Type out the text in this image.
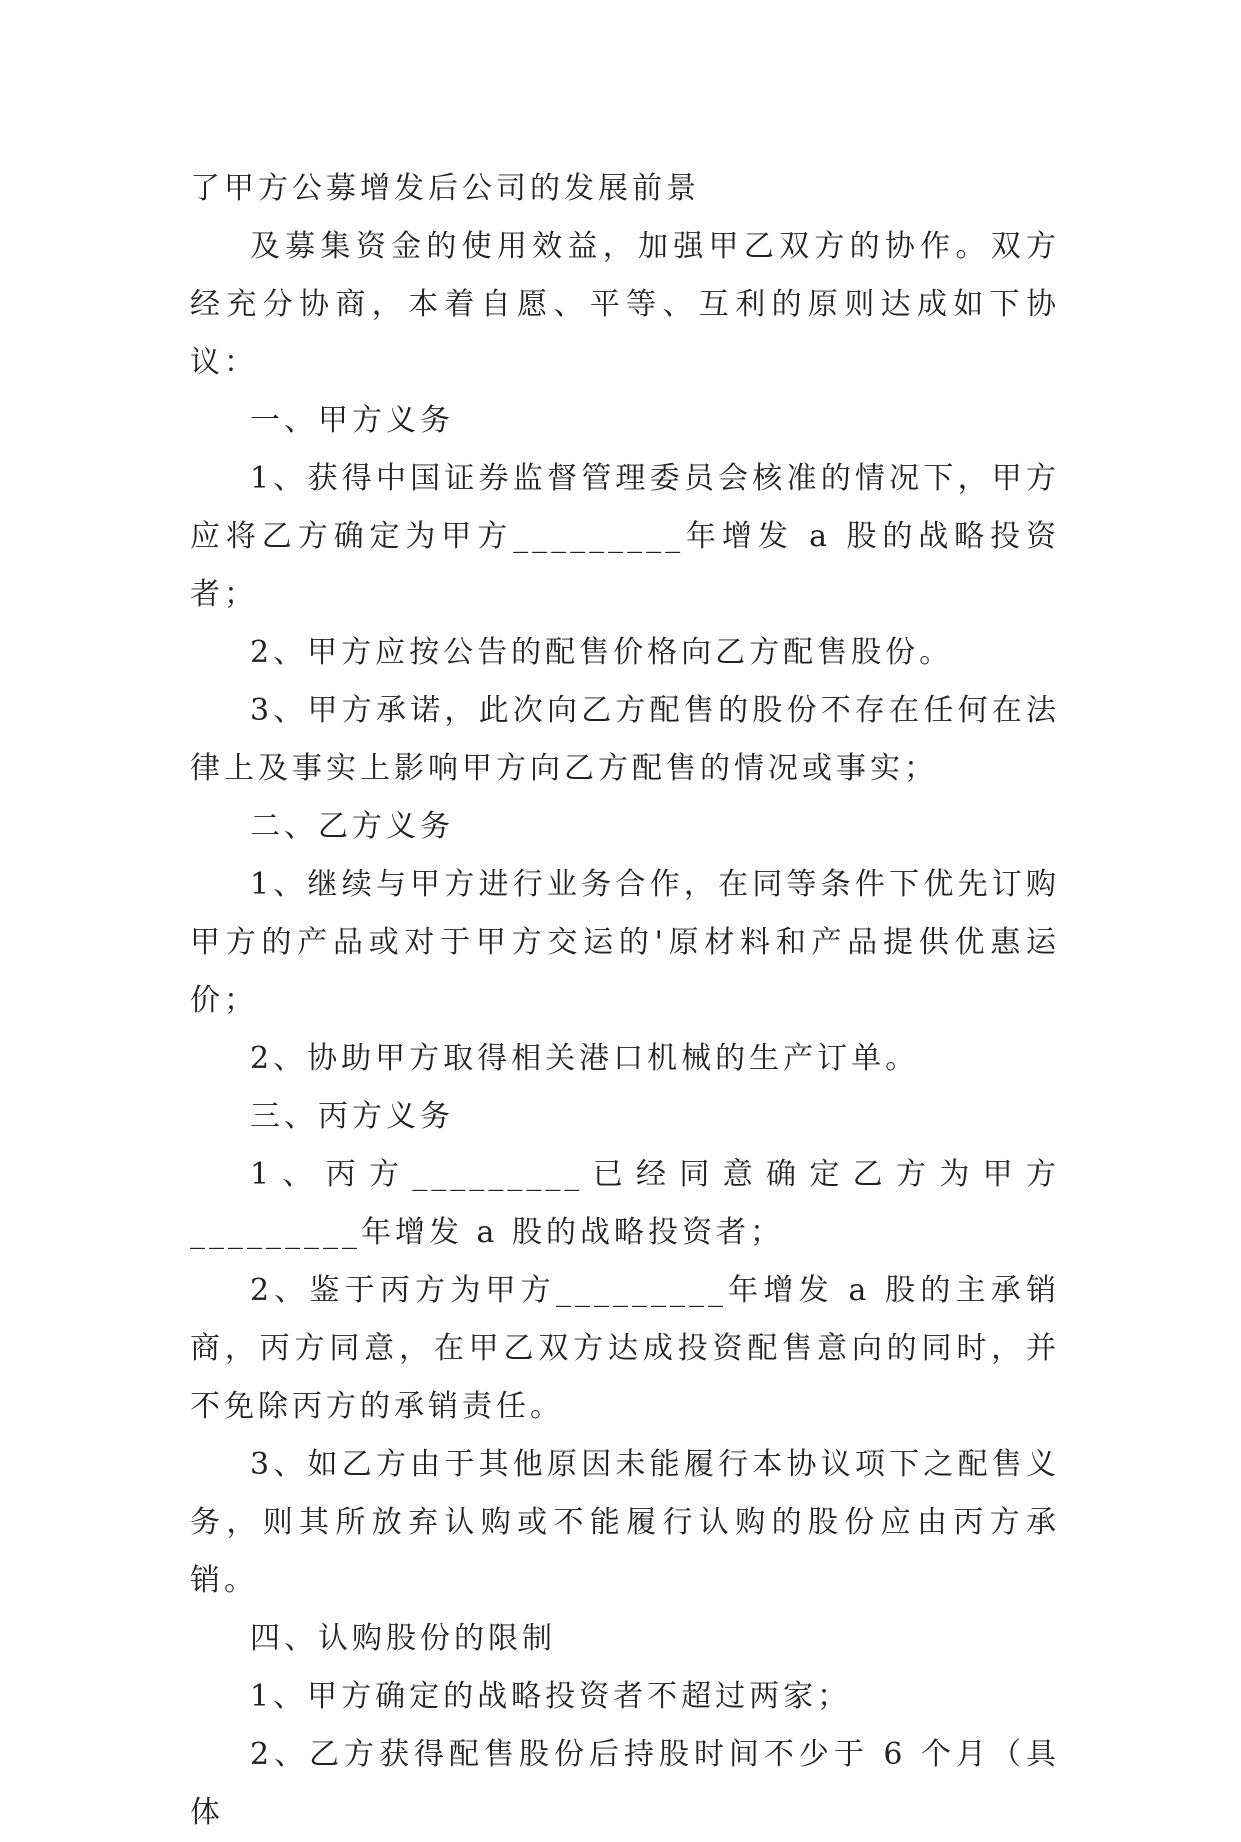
了甲方公募增发后公司的发展前景

及募集资金的使用效益，加强甲乙双方的协作。双方经充分协商，本着自愿、平等、互利的原则达成如下协议：

一、甲方义务

1、获得中国证券监督管理委员会核准的情况下，甲方应将乙方确定为甲方_________年增发 a 股的战略投资者；

2、甲方应按公告的配售价格向乙方配售股份。

3、甲方承诺，此次向乙方配售的股份不存在任何在法律上及事实上影响甲方向乙方配售的情况或事实；

二、乙方义务

1、继续与甲方进行业务合作，在同等条件下优先订购甲方的产品或对于甲方交运的'原材料和产品提供优惠运价；

2、协助甲方取得相关港口机械的生产订单。

三、丙方义务

1、丙方_________已经同意确定乙方为甲方_________年增发 a 股的战略投资者；

2、鉴于丙方为甲方_________年增发 a 股的主承销商，丙方同意，在甲乙双方达成投资配售意向的同时，并不免除丙方的承销责任。

3、如乙方由于其他原因未能履行本协议项下之配售义务，则其所放弃认购或不能履行认购的股份应由丙方承销。

四、认购股份的限制

1、甲方确定的战略投资者不超过两家；

2、乙方获得配售股份后持股时间不少于 6 个月（具体
